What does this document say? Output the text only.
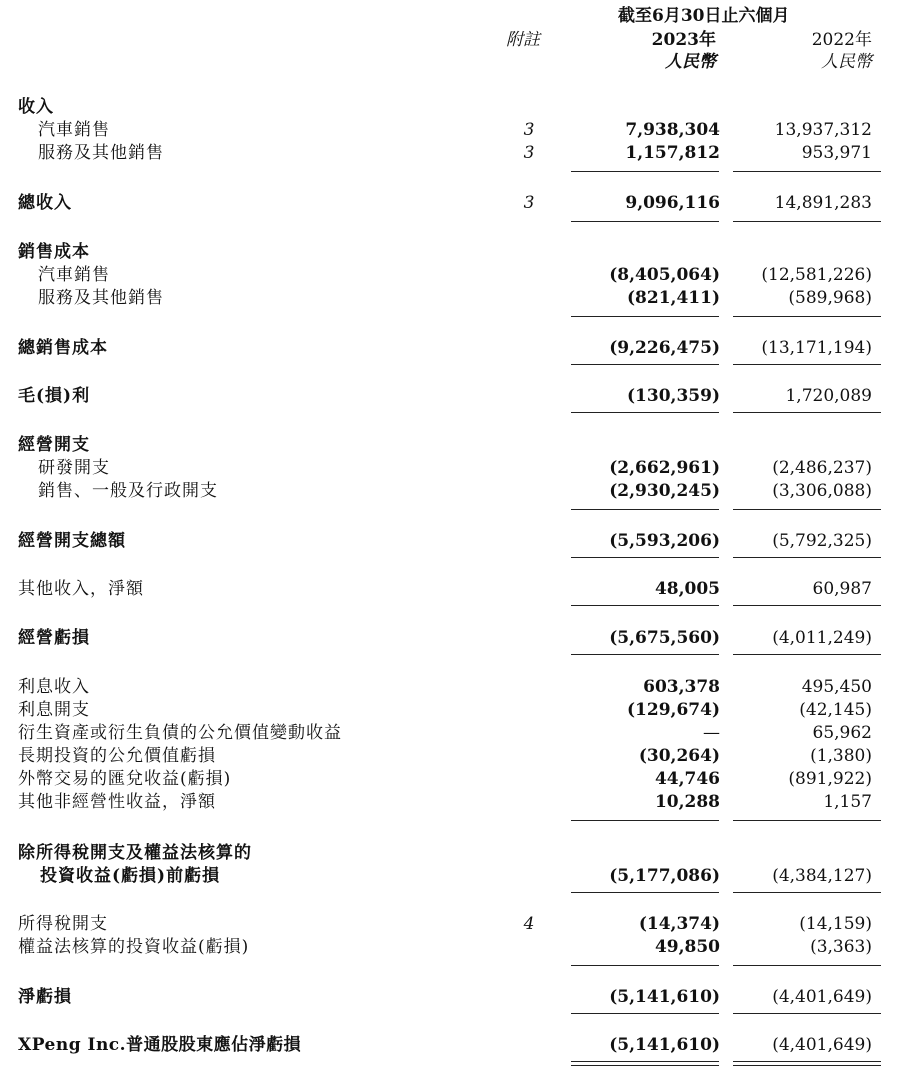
截至6月30日止六個月
附註	2023年	2022年
人民幣	人民幣
收入
汽車銷售	3	7,938,304	13,937,312
服務及其他銷售	3	1,157,812	953,971
總收入	3	9,096,116	14,891,283
銷售成本
汽車銷售	(8,405,064) (12,581,226)
服務及其他銷售	(821,411)	(589,968)
總銷售成本	(9,226,475) (13,171,194)
毛(損)利	(130,359)	1,720,089
經營開支
研發開支	(2,662,961)	(2,486,237)
銷售、一般及行政開支	(2,930,245)	(3,306,088)
經營開支總額	(5,593,206)	(5,792,325)
其他收入，淨額	48,005	60,987
經營虧損	(5,675,560)	(4,011,249)
利息收入	603,378	495,450
利息開支	(129,674)	(42,145)
衍生資產或衍生負債的公允價值變動收益	—	65,962
長期投資的公允價值虧損	(30,264)	(1,380)
外幣交易的匯兌收益(虧損)	44,746	(891,922)
其他非經營性收益，淨額	10,288	1,157
除所得稅開支及權益法核算的
投資收益(虧損)前虧損	(5,177,086)	(4,384,127)
所得稅開支	4	(14,374)	(14,159)
權益法核算的投資收益(虧損)	49,850	(3,363)
淨虧損	(5,141,610)	(4,401,649)
XPeng Inc.普通股股東應佔淨虧損	(5,141,610)	(4,401,649)
